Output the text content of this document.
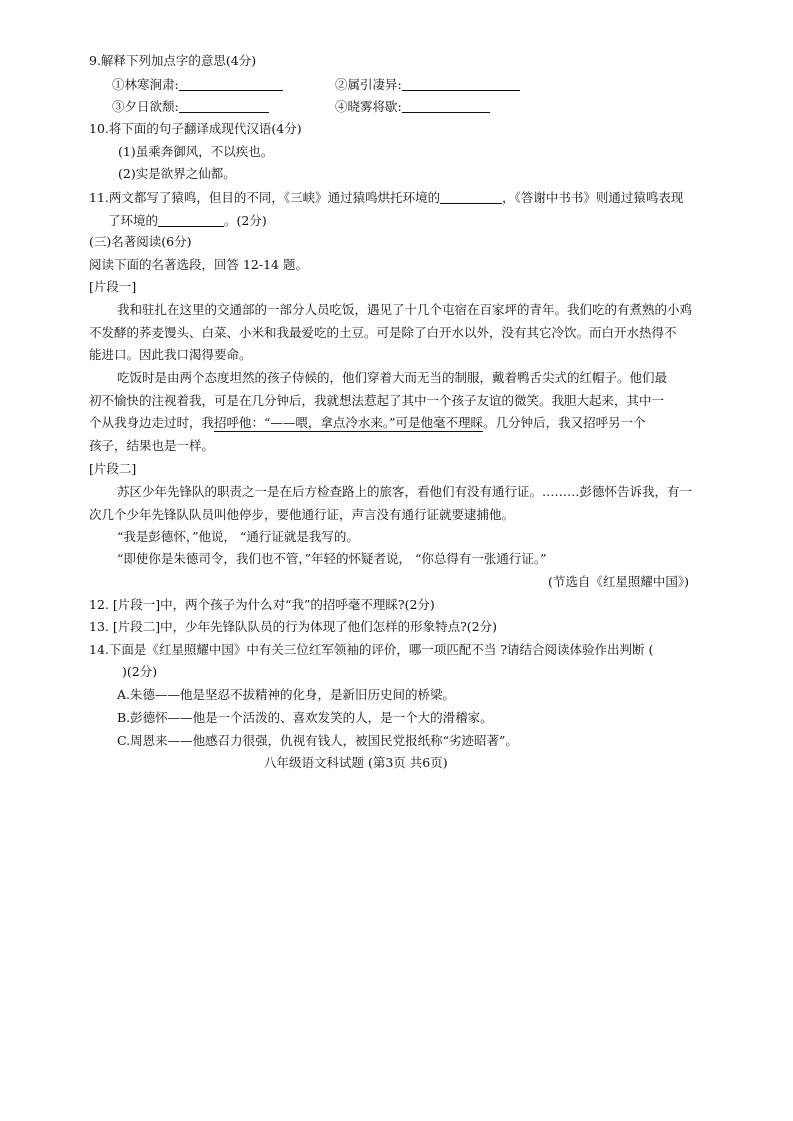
9.解释下列加点字的意思(4分)
①林寒涧肃:	②属引凄异:
③夕日欲颓:	④晓雾将歇:
10.将下面的句子翻译成现代汉语(4分)
(1)虽乘奔御风，不以疾也。
(2)实是欲界之仙都。
11.两文都写了猿鸣，但目的不同，《三峡》通过猿鸣烘托环境的	，《答谢中书书》则通过猿鸣表现
了环境的	。(2分)
(三)名著阅读(6分)
阅读下面的名著选段，回答 12-14 题。
[片段一]
我和驻扎在这里的交通部的一部分人员吃饭，遇见了十几个屯宿在百家坪的青年。我们吃的有煮熟的小鸡
不发酵的荞麦馒头、白菜、小米和我最爱吃的土豆。可是除了白开水以外，没有其它冷饮。而白开水热得不
能进口。因此我口渴得要命。
吃饭时是由两个态度坦然的孩子侍候的，他们穿着大而无当的制服，戴着鸭舌尖式的红帽子。他们最
初不愉快的注视着我，可是在几分钟后，我就想法惹起了其中一个孩子友谊的微笑。我胆大起来，其中一
个从我身边走过时，我招呼他：“——喂，拿点冷水来。”可是他毫不理睬。几分钟后，我又招呼另一个
孩子，结果也是一样。
[片段二]
苏区少年先锋队的职责之一是在后方检查路上的旅客，看他们有没有通行证。………彭德怀告诉我，有一
次几个少年先锋队队员叫他停步，要他通行证，声言没有通行证就要逮捕他。
“我是彭德怀，”他说， “通行证就是我写的。
“即使你是朱德司令，我们也不管，”年轻的怀疑者说， “你总得有一张通行证。”
(节选自《红星照耀中国》)
12. [片段一]中，两个孩子为什么对“我”的招呼毫不理睬?(2分)
13. [片段二]中，少年先锋队队员的行为体现了他们怎样的形象特点?(2分)
14.下面是《红星照耀中国》中有关三位红军领袖的评价，哪一项匹配不当 ?请结合阅读体验作出判断 (
)(2分)
A.朱德——他是坚忍不拔精神的化身，是新旧历史间的桥梁。
B.彭德怀——他是一个活泼的、喜欢发笑的人，是一个大的滑稽家。
C.周恩来——他感召力很强，仇视有钱人，被国民党报纸称“劣迹昭著”。
八年级语文科试题 (第3页 共6页)
